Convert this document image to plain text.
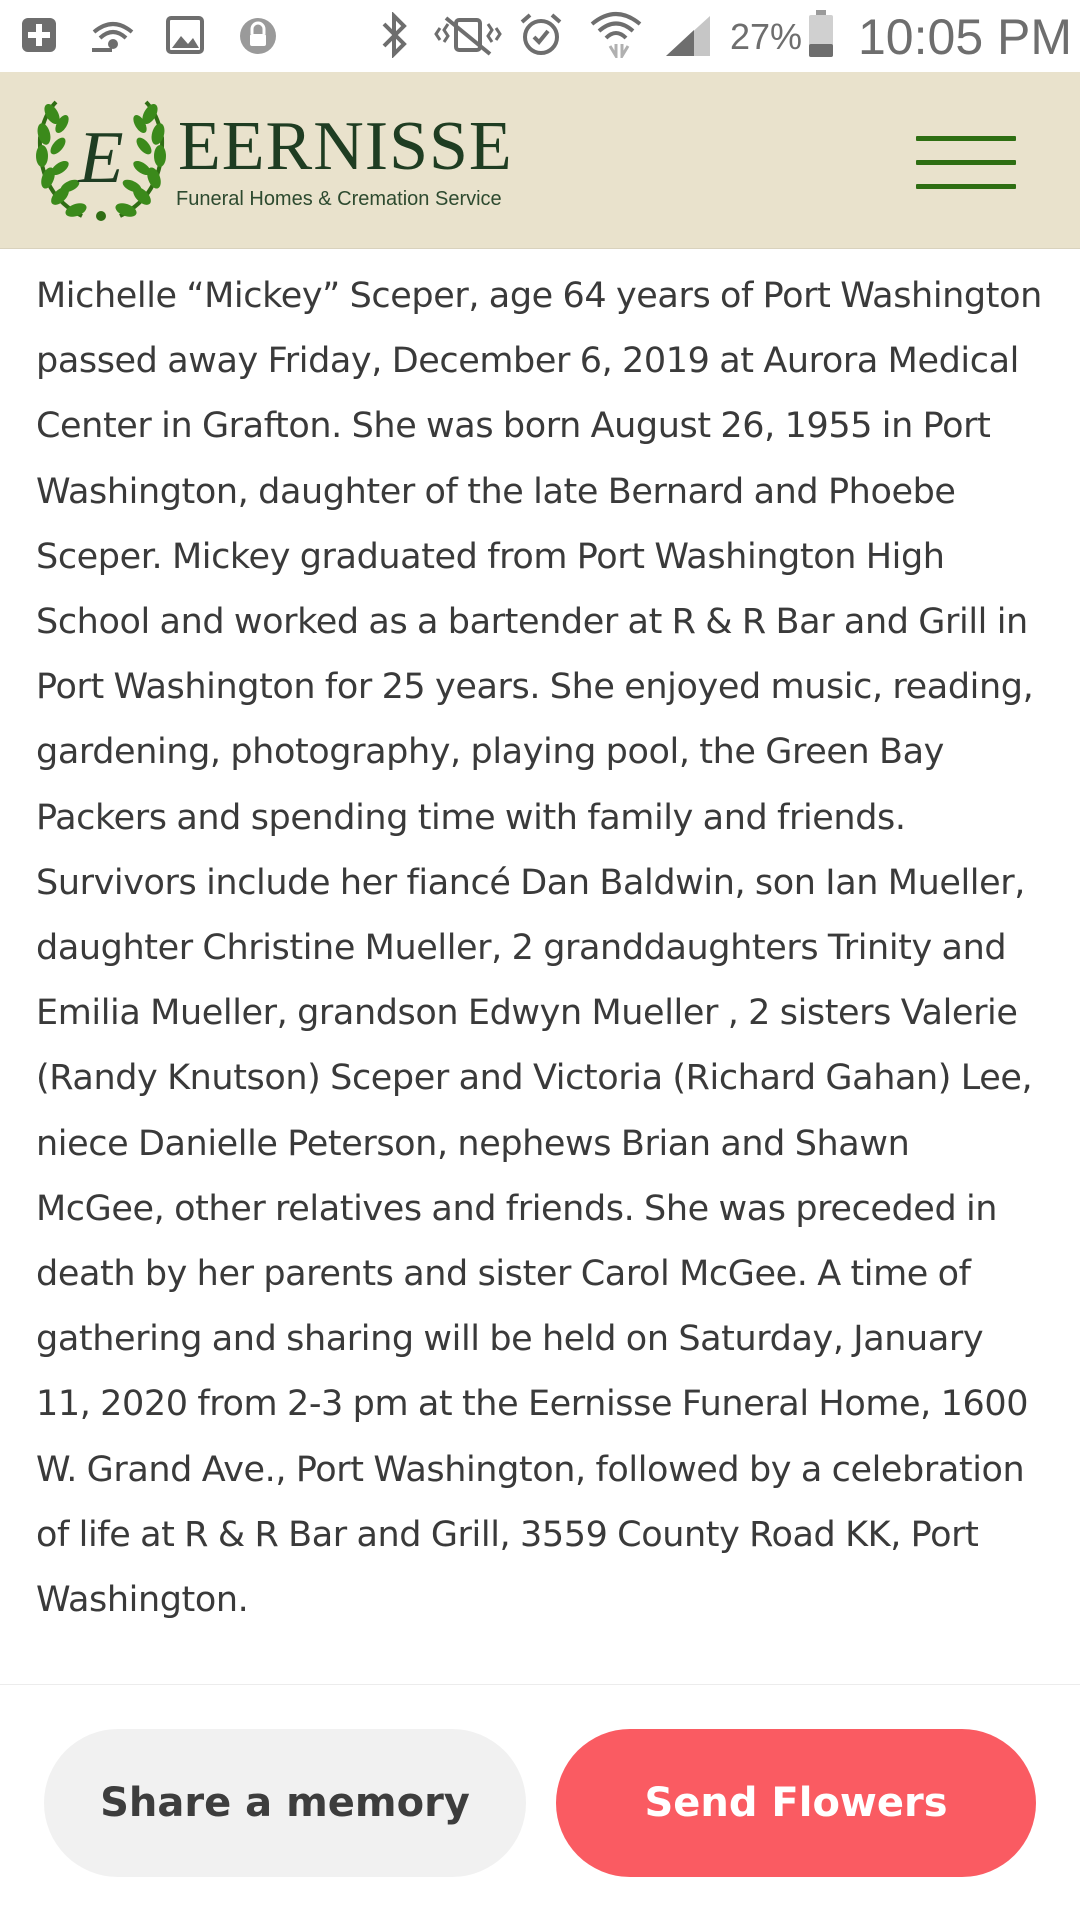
27% 10:05 PM
E EERNISSE
Funeral Homes & Cremation Service

Michelle “Mickey” Sceper, age 64 years of Port Washington passed away Friday, December 6, 2019 at Aurora Medical Center in Grafton. She was born August 26, 1955 in Port Washington, daughter of the late Bernard and Phoebe Sceper. Mickey graduated from Port Washington High School and worked as a bartender at R & R Bar and Grill in Port Washington for 25 years. She enjoyed music, reading, gardening, photography, playing pool, the Green Bay Packers and spending time with family and friends. Survivors include her fiancé Dan Baldwin, son Ian Mueller, daughter Christine Mueller, 2 granddaughters Trinity and Emilia Mueller, grandson Edwyn Mueller , 2 sisters Valerie (Randy Knutson) Sceper and Victoria (Richard Gahan) Lee, niece Danielle Peterson, nephews Brian and Shawn McGee, other relatives and friends. She was preceded in death by her parents and sister Carol McGee. A time of gathering and sharing will be held on Saturday, January 11, 2020 from 2-3 pm at the Eernisse Funeral Home, 1600 W. Grand Ave., Port Washington, followed by a celebration of life at R & R Bar and Grill, 3559 County Road KK, Port Washington.

Share a memory	Send Flowers
